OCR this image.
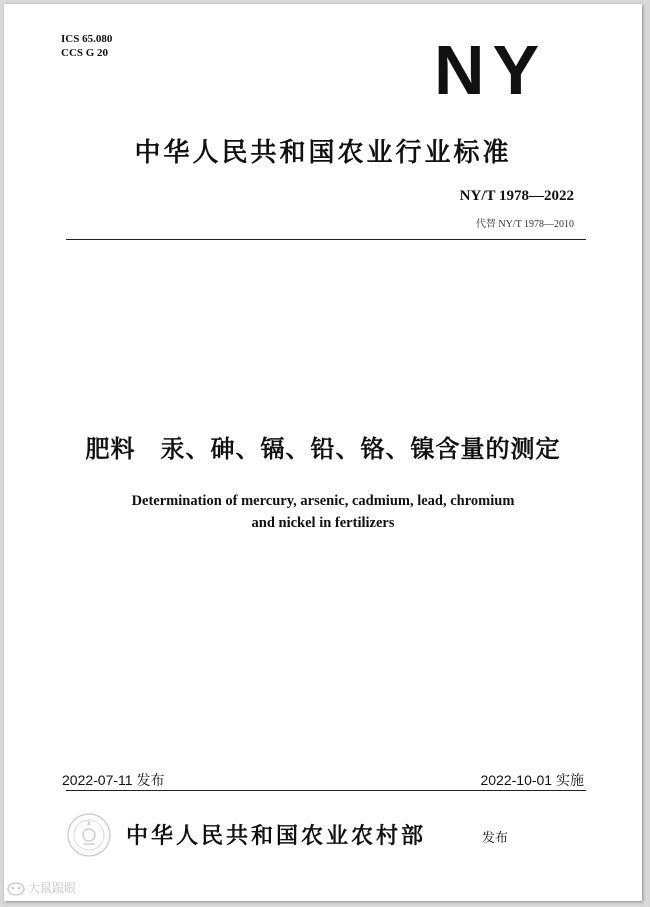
ICS 65.080
CCS G 20	NY
中华人民共和国农业行业标准
NY/T 1978—2022
代替 NY/T 1978—2010
肥料　汞、砷、镉、铅、铬、镍含量的测定
Determination of mercury, arsenic, cadmium, lead, chromium
and nickel in fertilizers
2022-07-11 发布	2022-10-01 实施
中华人民共和国农业农村部	发布
大鼠跟眼
